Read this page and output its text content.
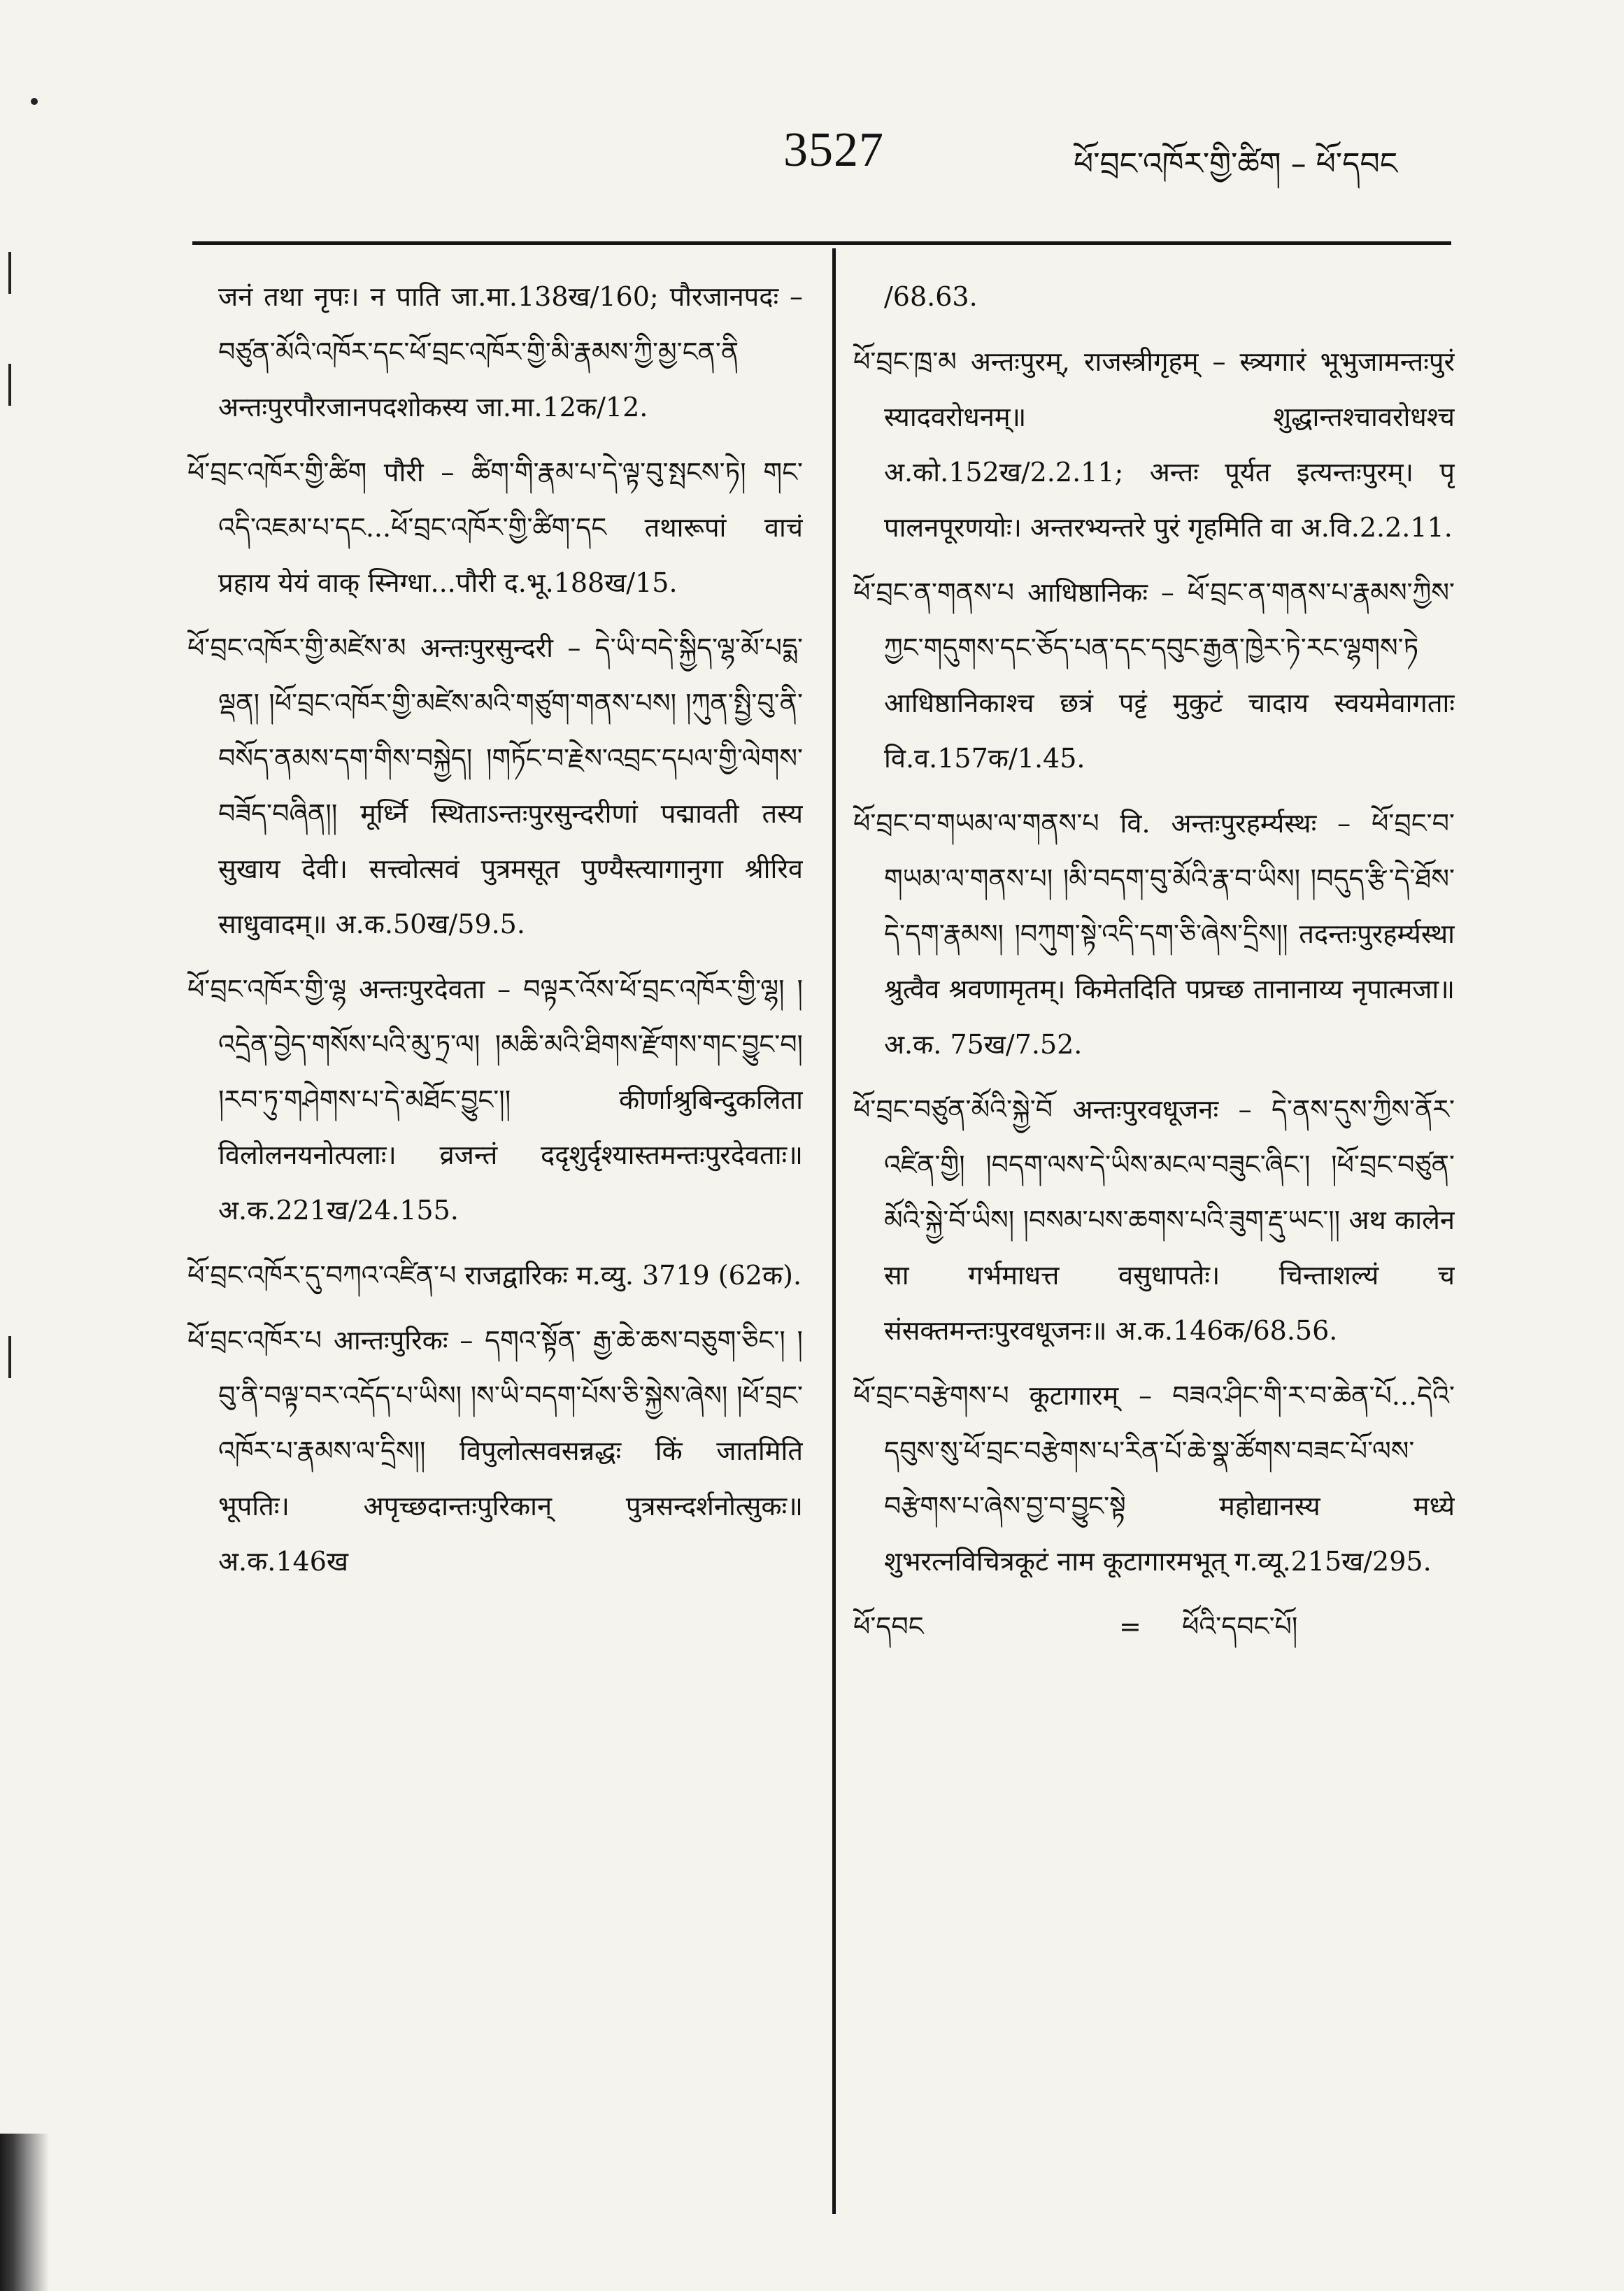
3527	ཕོ་བྲང་འཁོར་གྱི་ཚིག – ཕོ་དབང

जनं तथा नृपः। न पाति जा.मा.138ख/160; पौरजानपदः – བཙུན་མོའི་འཁོར་དང་ཕོ་བྲང་འཁོར་གྱི་མི་རྣམས་ཀྱི་མྱ་ངན་ནི अन्तःपुरपौरजानपदशोकस्य जा.मा.12क/12.

ཕོ་བྲང་འཁོར་གྱི་ཚིག पौरी – ཚིག་གི་རྣམ་པ་དེ་ལྟ་བུ་སྤངས་ཏེ། གང་འདི་འཇམ་པ་དང...ཕོ་བྲང་འཁོར་གྱི་ཚིག་དང तथारूपां वाचं प्रहाय येयं वाक् स्निग्धा...पौरी द.भू.188ख/15.

ཕོ་བྲང་འཁོར་གྱི་མཛེས་མ अन्तःपुरसुन्दरी – དེ་ཡི་བདེ་སྐྱིད་ལྷ་མོ་པདྨ་ལྡན། །ཕོ་བྲང་འཁོར་གྱི་མཛེས་མའི་གཙུག་གནས་པས། །ཀུན་སྤྱི་བུ་ནི་བསོད་ནམས་དག་གིས་བསྐྱེད། །གཏོང་བ་རྗེས་འབྲང་དཔལ་གྱི་ལེགས་བཟོད་བཞིན།། मूर्ध्नि स्थिताऽन्तःपुरसुन्दरीणां पद्मावती तस्य सुखाय देवी। सत्त्वोत्सवं पुत्रमसूत पुण्यैस्त्यागानुगा श्रीरिव साधुवादम्॥ अ.क.50ख/59.5.

ཕོ་བྲང་འཁོར་གྱི་ལྷ अन्तःपुरदेवता – བལྟར་འོས་ཕོ་བྲང་འཁོར་གྱི་ལྷ། །འདྲེན་བྱེད་གསོས་པའི་མུ་ཏྲ་ལ། །མཆི་མའི་ཐིགས་རྫོགས་གང་བྱུང་བ། །རབ་ཏུ་གཤེགས་པ་དེ་མཐོང་བྱུང་།། कीर्णाश्रुबिन्दुकलिता विलोलनयनोत्पलाः। व्रजन्तं ददृशुर्दृश्यास्तमन्तःपुरदेवताः॥ अ.क.221ख/24.155.

ཕོ་བྲང་འཁོར་དུ་བཀའ་འཛིན་པ राजद्वारिकः म.व्यु. 3719 (62क).

ཕོ་བྲང་འཁོར་པ आन्तःपुरिकः – དགའ་སྟོན་ རྒྱ་ཆེ་ཆས་བཅུག་ཅིང་། །བུ་ནི་བལྟ་བར་འདོད་པ་ཡིས། །ས་ཡི་བདག་པོས་ཅི་སྐྱེས་ཞེས། །ཕོ་བྲང་འཁོར་པ་རྣམས་ལ་དྲིས།། विपुलोत्सवसन्नद्धः किं जातमिति भूपतिः। अपृच्छदान्तःपुरिकान् पुत्रसन्दर्शनोत्सुकः॥ अ.क.146ख

/68.63.

ཕོ་བྲང་ཁྲ་མ अन्तःपुरम्, राजस्त्रीगृहम् – स्त्र्यगारं भूभुजामन्तःपुरं स्यादवरोधनम्॥ शुद्धान्तश्चावरोधश्च अ.को.152ख/2.2.11; अन्तः पूर्यत इत्यन्तःपुरम्। पृ पालनपूरणयोः। अन्तरभ्यन्तरे पुरं गृहमिति वा अ.वि.2.2.11.

ཕོ་བྲང་ན་གནས་པ आधिष्ठानिकः – ཕོ་བྲང་ན་གནས་པ་རྣམས་ཀྱིས་ཀྱང་གདུགས་དང་ཅོད་པན་དང་དབུང་རྒྱན་ཁྱེར་ཏེ་རང་ལྷགས་ཏེ आधिष्ठानिकाश्च छत्रं पट्टं मुकुटं चादाय स्वयमेवागताः वि.व.157क/1.45.

ཕོ་བྲང་བ་གཡམ་ལ་གནས་པ वि. अन्तःपुरहर्म्यस्थः – ཕོ་བྲང་བ་གཡམ་ལ་གནས་པ། །མི་བདག་བུ་མོའི་རྣ་བ་ཡིས། །བདུད་རྩི་དེ་ཐོས་དེ་དག་རྣམས། །བཀུག་སྟེ་འདི་དག་ཅི་ཞེས་དྲིས།། तदन्तःपुरहर्म्यस्था श्रुत्वैव श्रवणामृतम्। किमेतदिति पप्रच्छ तानानाय्य नृपात्मजा॥ अ.क. 75ख/7.52.

ཕོ་བྲང་བཙུན་མོའི་སྐྱེ་བོ अन्तःपुरवधूजनः – དེ་ནས་དུས་ཀྱིས་ནོར་འཛིན་གྱི། །བདག་ལས་དེ་ཡིས་མངལ་བཟུང་ཞིང་། །ཕོ་བྲང་བཙུན་མོའི་སྐྱེ་བོ་ཡིས། །བསམ་པས་ཆགས་པའི་ཟུག་རྡུ་ཡང་།། अथ कालेन सा गर्भमाधत्त वसुधापतेः। चिन्ताशल्यं च संसक्तमन्तःपुरवधूजनः॥ अ.क.146क/68.56.

ཕོ་བྲང་བརྩེགས་པ कूटागारम् – བཟའ་ཤིང་གི་ར་བ་ཆེན་པོ...དེའི་དབུས་སུ་ཕོ་བྲང་བརྩེགས་པ་རིན་པོ་ཆེ་སྣ་ཚོགས་བཟང་པོ་ལས་བརྩེགས་པ་ཞེས་བྱ་བ་བྱུང་སྟེ महोद्यानस्य मध्ये शुभरत्नविचित्रकूटं नाम कूटागारमभूत् ग.व्यू.215ख/295.

ཕོ་དབང	= ཕོའི་དབང་པོ།
